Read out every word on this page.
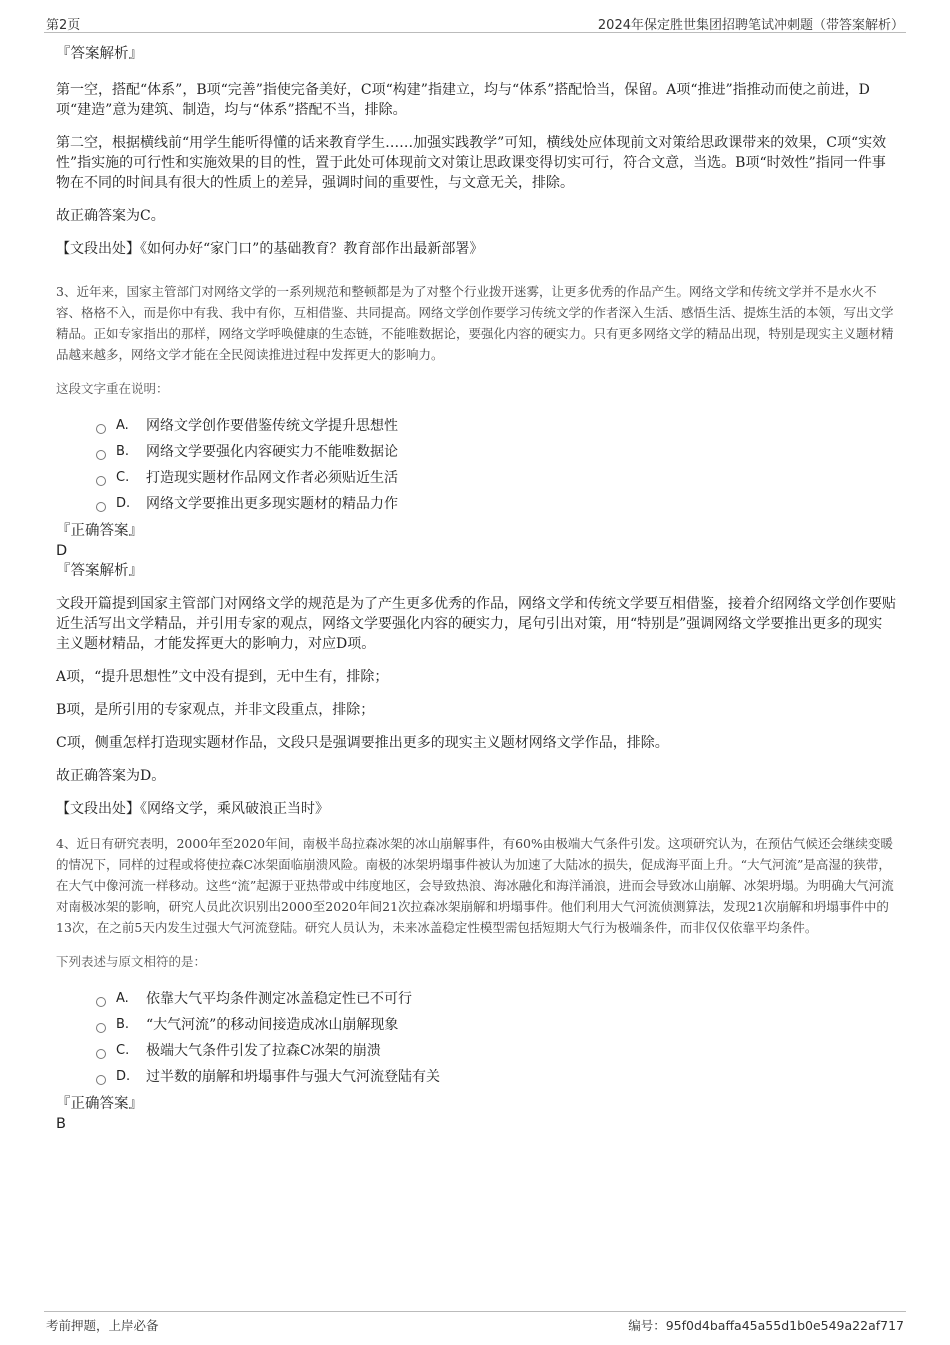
第2页	2024年保定胜世集团招聘笔试冲刺题（带答案解析）

『答案解析』

第一空，搭配“体系”，B项“完善”指使完备美好，C项“构建”指建立，均与“体系”搭配恰当，保留。A项“推进”指推动而使之前进，D项“建造”意为建筑、制造，均与“体系”搭配不当，排除。

第二空，根据横线前“用学生能听得懂的话来教育学生……加强实践教学”可知，横线处应体现前文对策给思政课带来的效果，C项“实效性”指实施的可行性和实施效果的目的性，置于此处可体现前文对策让思政课变得切实可行，符合文意，当选。B项“时效性”指同一件事物在不同的时间具有很大的性质上的差异，强调时间的重要性，与文意无关，排除。

故正确答案为C。

【文段出处】《如何办好“家门口”的基础教育？教育部作出最新部署》

3、近年来，国家主管部门对网络文学的一系列规范和整顿都是为了对整个行业拨开迷雾，让更多优秀的作品产生。网络文学和传统文学并不是水火不容、格格不入，而是你中有我、我中有你，互相借鉴、共同提高。网络文学创作要学习传统文学的作者深入生活、感悟生活、提炼生活的本领，写出文学精品。正如专家指出的那样，网络文学呼唤健康的生态链，不能唯数据论，要强化内容的硬实力。只有更多网络文学的精品出现，特别是现实主义题材精品越来越多，网络文学才能在全民阅读推进过程中发挥更大的影响力。

这段文字重在说明：

A.	网络文学创作要借鉴传统文学提升思想性
B.	网络文学要强化内容硬实力不能唯数据论
C.	打造现实题材作品网文作者必须贴近生活
D.	网络文学要推出更多现实题材的精品力作

『正确答案』

D

『答案解析』

文段开篇提到国家主管部门对网络文学的规范是为了产生更多优秀的作品，网络文学和传统文学要互相借鉴，接着介绍网络文学创作要贴近生活写出文学精品，并引用专家的观点，网络文学要强化内容的硬实力，尾句引出对策，用“特别是”强调网络文学要推出更多的现实主义题材精品，才能发挥更大的影响力，对应D项。

A项，“提升思想性”文中没有提到，无中生有，排除；

B项，是所引用的专家观点，并非文段重点，排除；

C项，侧重怎样打造现实题材作品，文段只是强调要推出更多的现实主义题材网络文学作品，排除。

故正确答案为D。

【文段出处】《网络文学，乘风破浪正当时》

4、近日有研究表明，2000年至2020年间，南极半岛拉森冰架的冰山崩解事件，有60%由极端大气条件引发。这项研究认为，在预估气候还会继续变暖的情况下，同样的过程或将使拉森C冰架面临崩溃风险。南极的冰架坍塌事件被认为加速了大陆冰的损失，促成海平面上升。“大气河流”是高湿的狭带，在大气中像河流一样移动。这些“流”起源于亚热带或中纬度地区，会导致热浪、海冰融化和海洋涌浪，进而会导致冰山崩解、冰架坍塌。为明确大气河流对南极冰架的影响，研究人员此次识别出2000至2020年间21次拉森冰架崩解和坍塌事件。他们利用大气河流侦测算法，发现21次崩解和坍塌事件中的13次，在之前5天内发生过强大气河流登陆。研究人员认为，未来冰盖稳定性模型需包括短期大气行为极端条件，而非仅仅依靠平均条件。

下列表述与原文相符的是：

A.	依靠大气平均条件测定冰盖稳定性已不可行
B.	“大气河流”的移动间接造成冰山崩解现象
C.	极端大气条件引发了拉森C冰架的崩溃
D.	过半数的崩解和坍塌事件与强大气河流登陆有关

『正确答案』

B

考前押题，上岸必备	编号：95f0d4baffa45a55d1b0e549a22af717
